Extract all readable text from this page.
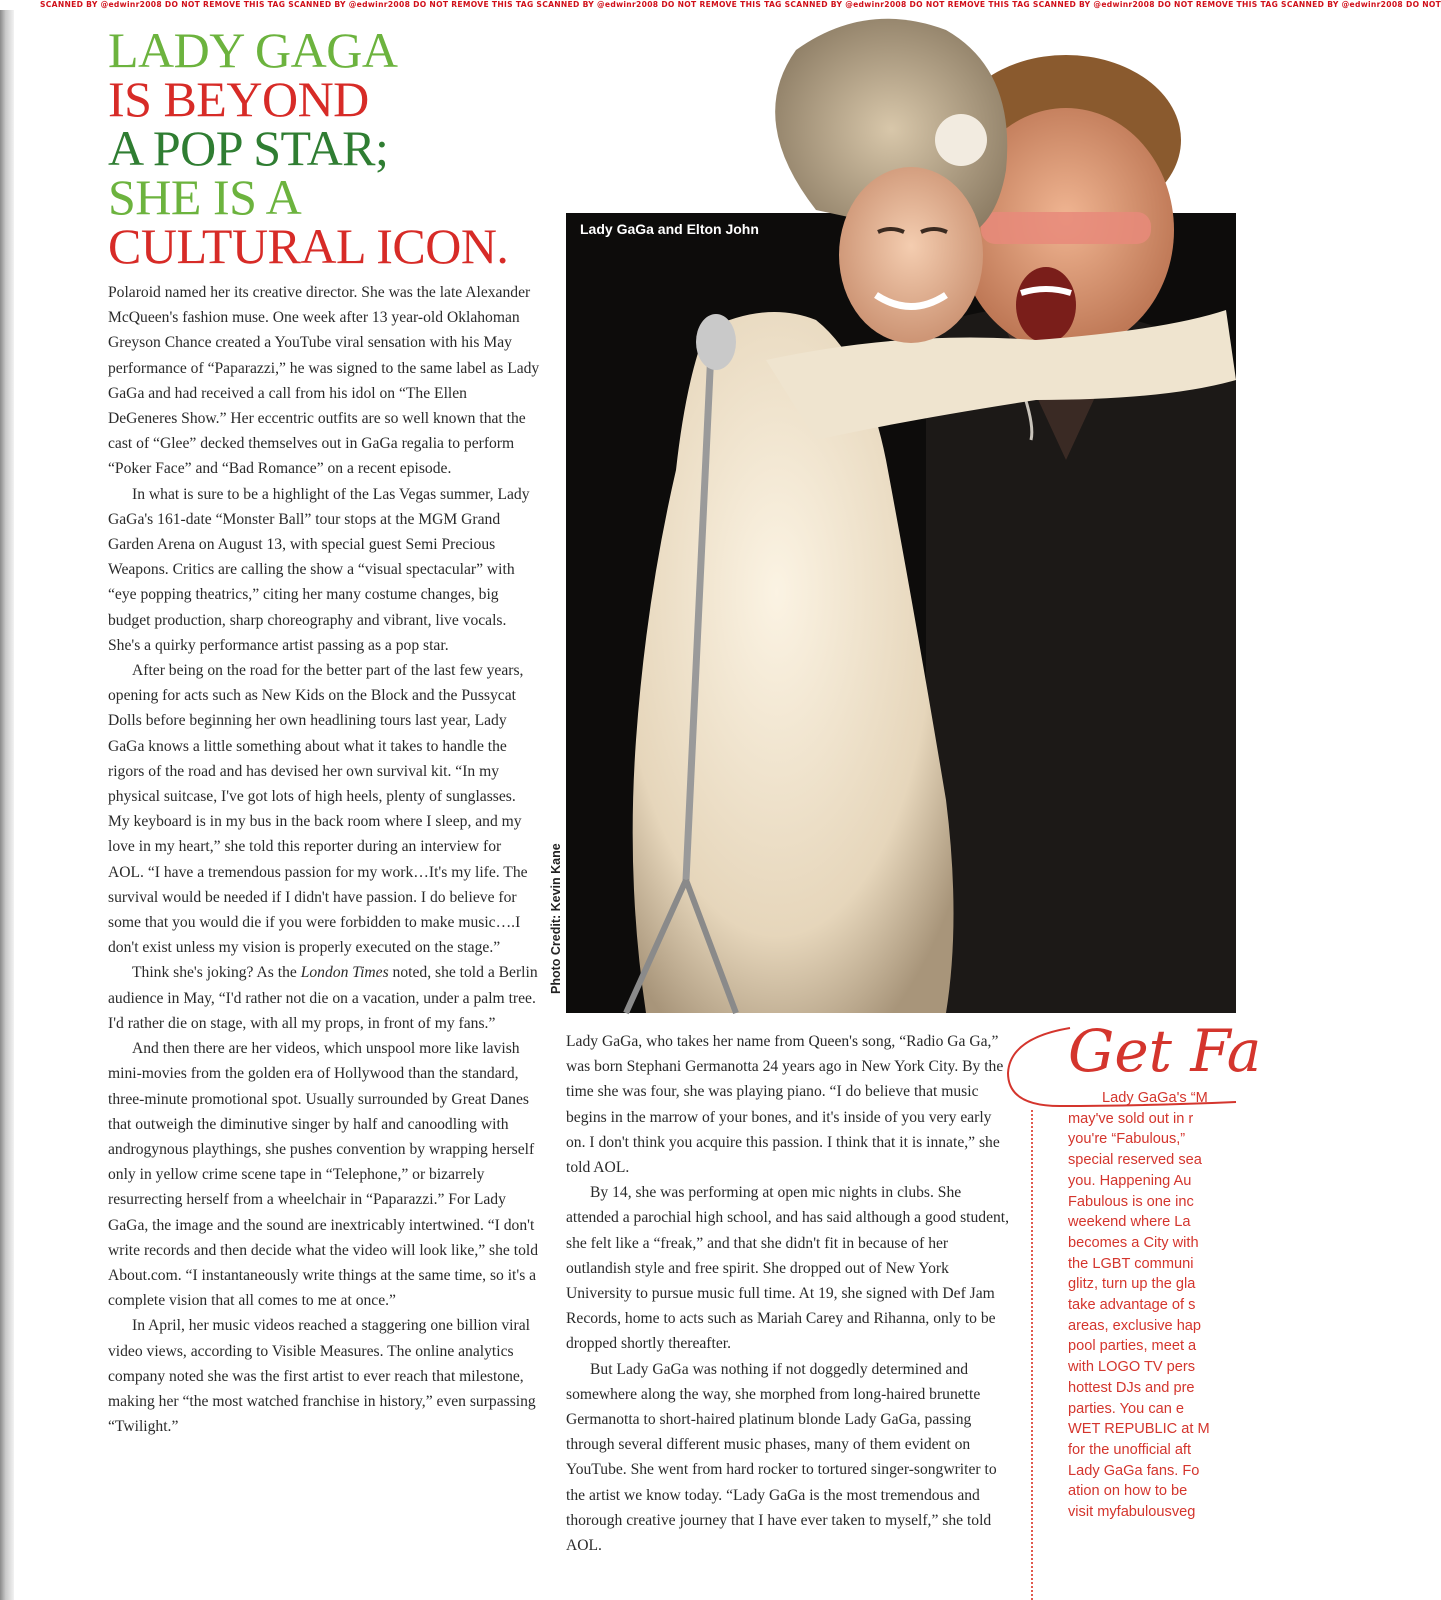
SCANNED BY @edwinr2008 DO NOT REMOVE THIS TAG SCANNED BY @edwinr2008 DO NOT REMOVE THIS TAG SCANNED BY @edwinr2008 DO NOT REMOVE THIS TAG SCANNED BY @edwinr2008 DO NOT REMOVE THIS TAG SCANNED BY @edwinr2008 DO NOT REMOVE THIS TAG SCANNED BY @edwinr2008 DO NOT
LADY GAGA
IS BEYOND
A POP STAR;
SHE IS A
CULTURAL ICON.

Polaroid named her its creative director. She was the late Alexander McQueen's fashion muse. One week after 13 year-old Oklahoman Greyson Chance created a YouTube viral sensation with his May performance of “Paparazzi,” he was signed to the same label as Lady GaGa and had received a call from his idol on “The Ellen DeGeneres Show.” Her eccentric outfits are so well known that the cast of “Glee” decked themselves out in GaGa regalia to perform “Poker Face” and “Bad Romance” on a recent episode.

In what is sure to be a highlight of the Las Vegas summer, Lady GaGa's 161-date “Monster Ball” tour stops at the MGM Grand Garden Arena on August 13, with special guest Semi Precious Weapons. Critics are calling the show a “visual spectacular” with “eye popping theatrics,” citing her many costume changes, big budget production, sharp choreography and vibrant, live vocals. She's a quirky performance artist passing as a pop star.

After being on the road for the better part of the last few years, opening for acts such as New Kids on the Block and the Pussycat Dolls before beginning her own headlining tours last year, Lady GaGa knows a little something about what it takes to handle the rigors of the road and has devised her own survival kit. “In my physical suitcase, I've got lots of high heels, plenty of sunglasses. My keyboard is in my bus in the back room where I sleep, and my love in my heart,” she told this reporter during an interview for AOL. “I have a tremendous passion for my work…It's my life. The survival would be needed if I didn't have passion. I do believe for some that you would die if you were forbidden to make music….I don't exist unless my vision is properly executed on the stage.”

Think she's joking? As the London Times noted, she told a Berlin audience in May, “I'd rather not die on a vacation, under a palm tree. I'd rather die on stage, with all my props, in front of my fans.”

And then there are her videos, which unspool more like lavish mini-movies from the golden era of Hollywood than the standard, three-minute promotional spot. Usually surrounded by Great Danes that outweigh the diminutive singer by half and canoodling with androgynous playthings, she pushes convention by wrapping herself only in yellow crime scene tape in “Telephone,” or bizarrely resurrecting herself from a wheelchair in “Paparazzi.” For Lady GaGa, the image and the sound are inextricably intertwined. “I don't write records and then decide what the video will look like,” she told About.com. “I instantaneously write things at the same time, so it's a complete vision that all comes to me at once.”

In April, her music videos reached a staggering one billion viral video views, according to Visible Measures. The online analytics company noted she was the first artist to ever reach that milestone, making her “the most watched franchise in history,” even surpassing “Twilight.”

Lady GaGa and Elton John
Photo Credit: Kevin Kane

Lady GaGa, who takes her name from Queen's song, “Radio Ga Ga,” was born Stephani Germanotta 24 years ago in New York City. By the time she was four, she was playing piano. “I do believe that music begins in the marrow of your bones, and it's inside of you very early on. I don't think you acquire this passion. I think that it is innate,” she told AOL.

By 14, she was performing at open mic nights in clubs. She attended a parochial high school, and has said although a good student, she felt like a “freak,” and that she didn't fit in because of her outlandish style and free spirit. She dropped out of New York University to pursue music full time. At 19, she signed with Def Jam Records, home to acts such as Mariah Carey and Rihanna, only to be dropped shortly thereafter.

But Lady GaGa was nothing if not doggedly determined and somewhere along the way, she morphed from long-haired brunette Germanotta to short-haired platinum blonde Lady GaGa, passing through several different music phases, many of them evident on YouTube. She went from hard rocker to tortured singer-songwriter to the artist we know today. “Lady GaGa is the most tremendous and thorough creative journey that I have ever taken to myself,” she told AOL.

Get Fa
Lady GaGa's “M
may've sold out in r
you're “Fabulous,”
special reserved sea
you. Happening Au
Fabulous is one inc
weekend where La
becomes a City with
the LGBT communi
glitz, turn up the gla
take advantage of s
areas, exclusive hap
pool parties, meet a
with LOGO TV pers
hottest DJs and pre
parties. You can e
WET REPUBLIC at M
for the unofficial aft
Lady GaGa fans. Fo
ation on how to be
visit myfabulousveg
